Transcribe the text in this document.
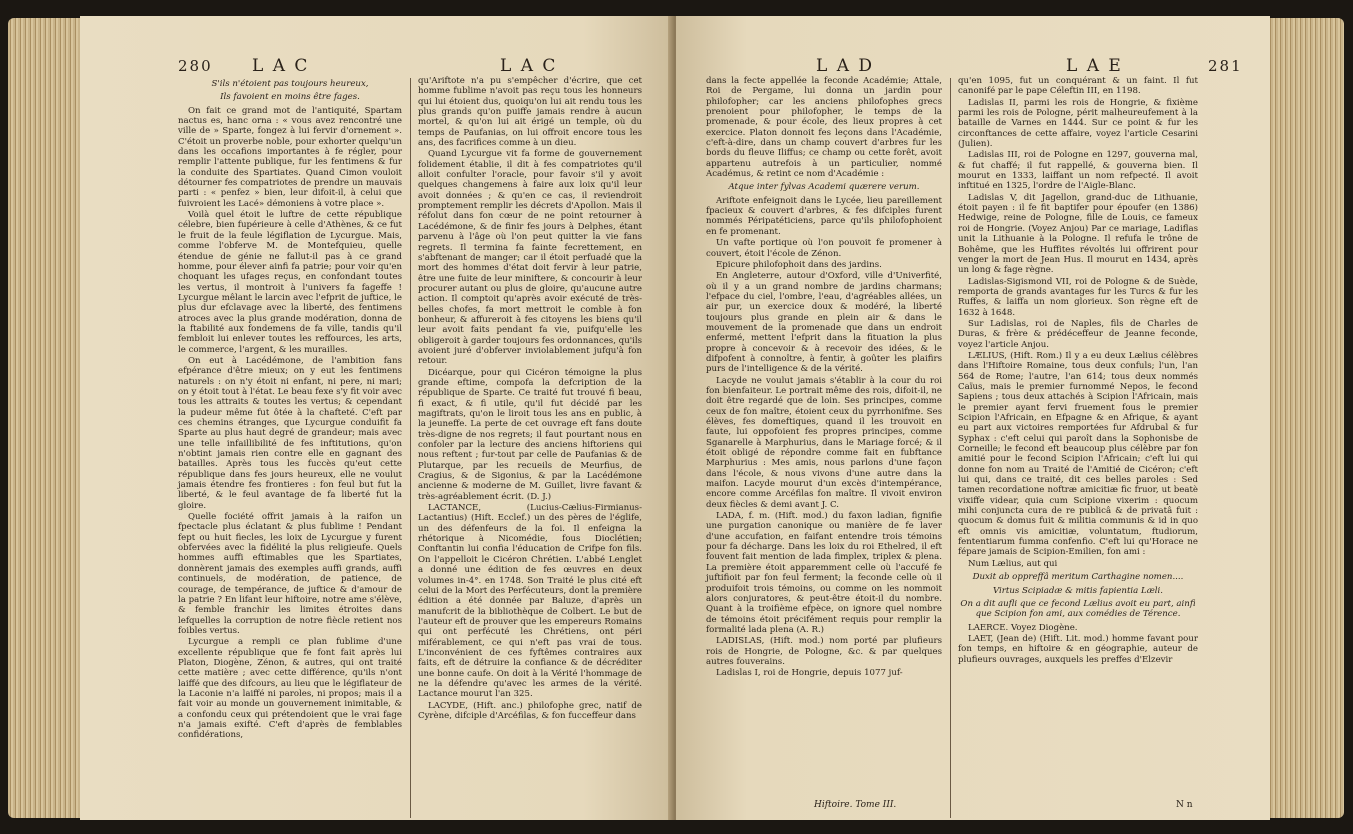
280 L A C	L A C

S'ils n'étoient pas toujours heureux,

Ils favoient en moins être fages.

On fait ce grand mot de l'antiquité, Spartam nactus es, hanc orna : « vous avez rencontré une ville de » Sparte, fongez à lui fervir d'ornement ». C'étoit un proverbe noble, pour exhorter quelqu'un dans les occafions importantes à fe régler, pour remplir l'attente publique, fur les fentimens & fur la conduite des Spartiates. Quand Cimon vouloit détourner fes compatriotes de prendre un mauvais parti : « penfez » bien, leur difoit-il, à celui que fuivroient les Lacé» démoniens à votre place ».

Voilà quel étoit le luftre de cette république célebre, bien fupérieure à celle d'Athènes, & ce fut le fruit de la feule légiflation de Lycurgue. Mais, comme l'obferve M. de Montefquieu, quelle étendue de génie ne fallut-il pas à ce grand homme, pour élever ainfi fa patrie; pour voir qu'en choquant les ufages reçus, en confondant toutes les vertus, il montroit à l'univers fa fageffe ! Lycurgue mêlant le larcin avec l'efprit de juftice, le plus dur efclavage avec la liberté, des fentimens atroces avec la plus grande modération, donna de la ftabilité aux fondemens de fa ville, tandis qu'il fembloit lui enlever toutes les reffources, les arts, le commerce, l'argent, & les murailles.

On eut à Lacédémone, de l'ambition fans efpérance d'être mieux; on y eut les fentimens naturels : on n'y étoit ni enfant, ni pere, ni mari; on y étoit tout à l'état. Le beau fexe s'y fit voir avec tous les attraits & toutes les vertus; & cependant la pudeur même fut ôtée à la chafteté. C'eft par ces chemins étranges, que Lycurgue conduifit fa Sparte au plus haut degré de grandeur; mais avec une telle infaillibilité de fes inftitutions, qu'on n'obtint jamais rien contre elle en gagnant des batailles. Après tous les fuccès qu'eut cette république dans fes jours heureux, elle ne voulut jamais étendre fes frontieres : fon feul but fut la liberté, & le feul avantage de fa liberté fut la gloire.

Quelle fociété offrit jamais à la raifon un fpectacle plus éclatant & plus fublime ! Pendant fept ou huit fiecles, les loix de Lycurgue y furent obfervées avec la fidélité la plus religieufe. Quels hommes auffi eftimables que les Spartiates, donnèrent jamais des exemples auffi grands, auffi continuels, de modération, de patience, de courage, de tempérance, de juftice & d'amour de la patrie ? En lifant leur hiftoire, notre ame s'élève, & femble franchir les limites étroites dans lefquelles la corruption de notre fiècle retient nos foibles vertus.

Lycurgue a rempli ce plan fublime d'une excellente république que fe font fait après lui Platon, Diogène, Zénon, & autres, qui ont traité cette matière ; avec cette différence, qu'ils n'ont laiffé que des difcours, au lieu que le légiflateur de la Laconie n'a laiffé ni paroles, ni propos; mais il a fait voir au monde un gouvernement inimitable, & a confondu ceux qui prétendoient que le vrai fage n'a jamais exifté. C'eft d'après de femblables confidérations,

qu'Ariftote n'a pu s'empêcher d'écrire, que cet homme fublime n'avoit pas reçu tous les honneurs qui lui étoient dus, quoiqu'on lui ait rendu tous les plus grands qu'on puiffe jamais rendre à aucun mortel, & qu'on lui ait érigé un temple, où du temps de Paufanias, on lui offroit encore tous les ans, des facrifices comme à un dieu.

Quand Lycurgue vit fa forme de gouvernement folidement établie, il dit à fes compatriotes qu'il alloit confulter l'oracle, pour favoir s'il y avoit quelques changemens à faire aux loix qu'il leur avoit données ; & qu'en ce cas, il reviendroit promptement remplir les décrets d'Apollon. Mais il réfolut dans fon cœur de ne point retourner à Lacédémone, & de finir fes jours à Delphes, étant parvenu à l'âge où l'on peut quitter la vie fans regrets. Il termina fa fainte fecrettement, en s'abftenant de manger; car il étoit perfuadé que la mort des hommes d'état doit fervir à leur patrie, être une fuite de leur miniftere, & concourir à leur procurer autant ou plus de gloire, qu'aucune autre action. Il comptoit qu'après avoir exécuté de très-belles chofes, fa mort mettroit le comble à fon bonheur, & affureroit à fes citoyens les biens qu'il leur avoit faits pendant fa vie, puifqu'elle les obligeroit à garder toujours fes ordonnances, qu'ils avoient juré d'obferver inviolablement jufqu'à fon retour.

Dicéarque, pour qui Cicéron témoigne la plus grande eftime, compofa la defcription de la république de Sparte. Ce traité fut trouvé fi beau, fi exact, & fi utile, qu'il fut décidé par les magiftrats, qu'on le liroit tous les ans en public, à la jeuneffe. La perte de cet ouvrage eft fans doute très-digne de nos regrets; il faut pourtant nous en confoler par la lecture des anciens hiftoriens qui nous reftent ; fur-tout par celle de Paufanias & de Plutarque, par les recueils de Meurfius, de Cragius, & de Sigonius, & par la Lacédémone ancienne & moderne de M. Guillet, livre favant & très-agréablement écrit. (D. J.)

LACTANCE, (Lucius-Cælius-Firmianus-Lactantius) (Hift. Ecclef.) un des pères de l'églife, un des défenfeurs de la foi. Il enfeigna la rhétorique à Nicomédie, fous Dioclétien; Conftantin lui confia l'éducation de Crifpe fon fils. On l'appelloit le Cicéron Chrétien. L'abbé Lenglet a donné une édition de fes œuvres en deux volumes in-4°. en 1748. Son Traité le plus cité eft celui de la Mort des Perfécuteurs, dont la première édition a été donnée par Baluze, d'après un manufcrit de la bibliothèque de Colbert. Le but de l'auteur eft de prouver que les empereurs Romains qui ont perfécuté les Chrétiens, ont péri miférablement, ce qui n'eft pas vrai de tous. L'inconvénient de ces fyftêmes contraires aux faits, eft de détruire la confiance & de décréditer une bonne caufe. On doit à la Vérité l'hommage de ne la défendre qu'avec les armes de la vérité. Lactance mourut l'an 325.

LACYDE, (Hift. anc.) philofophe grec, natif de Cyrène, difciple d'Arcéfilas, & fon fucceffeur dans

L A D	L A E	281

dans la fecte appellée la feconde Académie; Attale, Roi de Pergame, lui donna un jardin pour philofopher; car les anciens philofophes grecs prenoient pour philofopher, le temps de la promenade, & pour école, des lieux propres à cet exercice. Platon donnoit fes leçons dans l'Académie, c'eft-à-dire, dans un champ couvert d'arbres fur les bords du fleuve Iliffus; ce champ ou cette forêt, avoit appartenu autrefois à un particulier, nommé Académus, & retint ce nom d'Académie :

Atque inter fylvas Academi quærere verum.

Ariftote enfeignoit dans le Lycée, lieu pareillement fpacieux & couvert d'arbres, & fes difciples furent nommés Péripatéticiens, parce qu'ils philofophoient en fe promenant.

Un vafte portique où l'on pouvoit fe promener à couvert, étoit l'école de Zénon.

Epicure philofophoit dans des jardins.

En Angleterre, autour d'Oxford, ville d'Univerfité, où il y a un grand nombre de jardins charmans; l'efpace du ciel, l'ombre, l'eau, d'agréables allées, un air pur, un exercice doux & modéré, la liberté toujours plus grande en plein air & dans le mouvement de la promenade que dans un endroit enfermé, mettent l'efprit dans la fituation la plus propre à concevoir & à recevoir des idées, & le difpofent à connoître, à fentir, à goûter les plaifirs purs de l'intelligence & de la vérité.

Lacyde ne voulut jamais s'établir à la cour du roi fon bienfaiteur. Le portrait même des rois, difoit-il, ne doit être regardé que de loin. Ses principes, comme ceux de fon maître, étoient ceux du pyrrhonifme. Ses élèves, fes domeftiques, quand il les trouvoit en faute, lui oppofoient fes propres principes, comme Sganarelle à Marphurius, dans le Mariage forcé; & il étoit obligé de répondre comme fait en fubftance Marphurius : Mes amis, nous parlons d'une façon dans l'école, & nous vivons d'une autre dans la maifon. Lacyde mourut d'un excès d'intempérance, encore comme Arcéfilas fon maître. Il vivoit environ deux fiècles & demi avant J. C.

LADA, f. m. (Hift. mod.) du faxon ladian, fignifie une purgation canonique ou manière de fe laver d'une accufation, en faifant entendre trois témoins pour fa décharge. Dans les loix du roi Ethelred, il eft fouvent fait mention de lada fimplex, triplex & plena. La première étoit apparemment celle où l'accufé fe juftifioit par fon feul ferment; la feconde celle où il produifoit trois témoins, ou comme on les nommoit alors conjuratores, & peut-être étoit-il du nombre. Quant à la troifième efpèce, on ignore quel nombre de témoins étoit précifément requis pour remplir la formalité lada plena (A. R.)

LADISLAS, (Hift. mod.) nom porté par plufieurs rois de Hongrie, de Pologne, &c. & par quelques autres fouverains.

Ladislas I, roi de Hongrie, depuis 1077 juf-

qu'en 1095, fut un conquérant & un faint. Il fut canonifé par le pape Céleftin III, en 1198.

Ladislas II, parmi les rois de Hongrie, & fixième parmi les rois de Pologne, périt malheureufement à la bataille de Varnes en 1444. Sur ce point & fur les circonftances de cette affaire, voyez l'article Cesarini (Julien).

Ladislas III, roi de Pologne en 1297, gouverna mal, & fut chaffé; il fut rappellé, & gouverna bien. Il mourut en 1333, laiffant un nom refpecté. Il avoit inftitué en 1325, l'ordre de l'Aigle-Blanc.

Ladislas V, dit Jagellon, grand-duc de Lithuanie, étoit payen : il fe fit baptifer pour époufer (en 1386) Hedwige, reine de Pologne, fille de Louis, ce fameux roi de Hongrie. (Voyez Anjou) Par ce mariage, Ladiflas unit la Lithuanie à la Pologne. Il refufa le trône de Bohême, que les Huffites révoltés lui offrirent pour venger la mort de Jean Hus. Il mourut en 1434, après un long & fage règne.

Ladislas-Sigismond VII, roi de Pologne & de Suède, remporta de grands avantages fur les Turcs & fur les Ruffes, & laiffa un nom glorieux. Son règne eft de 1632 à 1648.

Sur Ladislas, roi de Naples, fils de Charles de Duras, & frère & prédéceffeur de Jeanne feconde, voyez l'article Anjou.

LÆLIUS, (Hift. Rom.) Il y a eu deux Lælius célèbres dans l'Hiftoire Romaine, tous deux confuls; l'un, l'an 564 de Rome; l'autre, l'an 614; tous deux nommés Caïus, mais le premier furnommé Nepos, le fecond Sapiens ; tous deux attachés à Scipion l'Africain, mais le premier ayant fervi fruement fous le premier Scipion l'Africain, en Efpagne & en Afrique, & ayant eu part aux victoires remportées fur Afdrubal & fur Syphax : c'eft celui qui paroît dans la Sophonisbe de Corneille; le fecond eft beaucoup plus célèbre par fon amitié pour le fecond Scipion l'Africain; c'eft lui qui donne fon nom au Traité de l'Amitié de Cicéron; c'eft lui qui, dans ce traité, dit ces belles paroles : Sed tamen recordatione noftræ amicitiæ fic fruor, ut beatè vixiffe videar, quia cum Scipione vixerim : quocum mihi conjuncta cura de re publicâ & de privatâ fuit : quocum & domus fuit & militia communis & id in quo eft omnis vis amicitiæ, voluntatum, ftudiorum, fententiarum fumma confenfio. C'eft lui qu'Horace ne fépare jamais de Scipion-Emilien, fon ami :

Num Lælius, aut qui

Duxit ab oppreffâ meritum Carthagine nomen....

Virtus Scipiadæ & mitis fapientia Læli.

On a dit aufli que ce fecond Lælius avoit eu part, ainfi que Scipion fon ami, aux comédies de Térence.

LAERCE. Voyez Diogène.

LAET, (Jean de) (Hift. Lit. mod.) homme favant pour fon temps, en hiftoire & en géographie, auteur de plufieurs ouvrages, auxquels les preffes d'Elzevir

Hiftoire. Tome III.	N n
